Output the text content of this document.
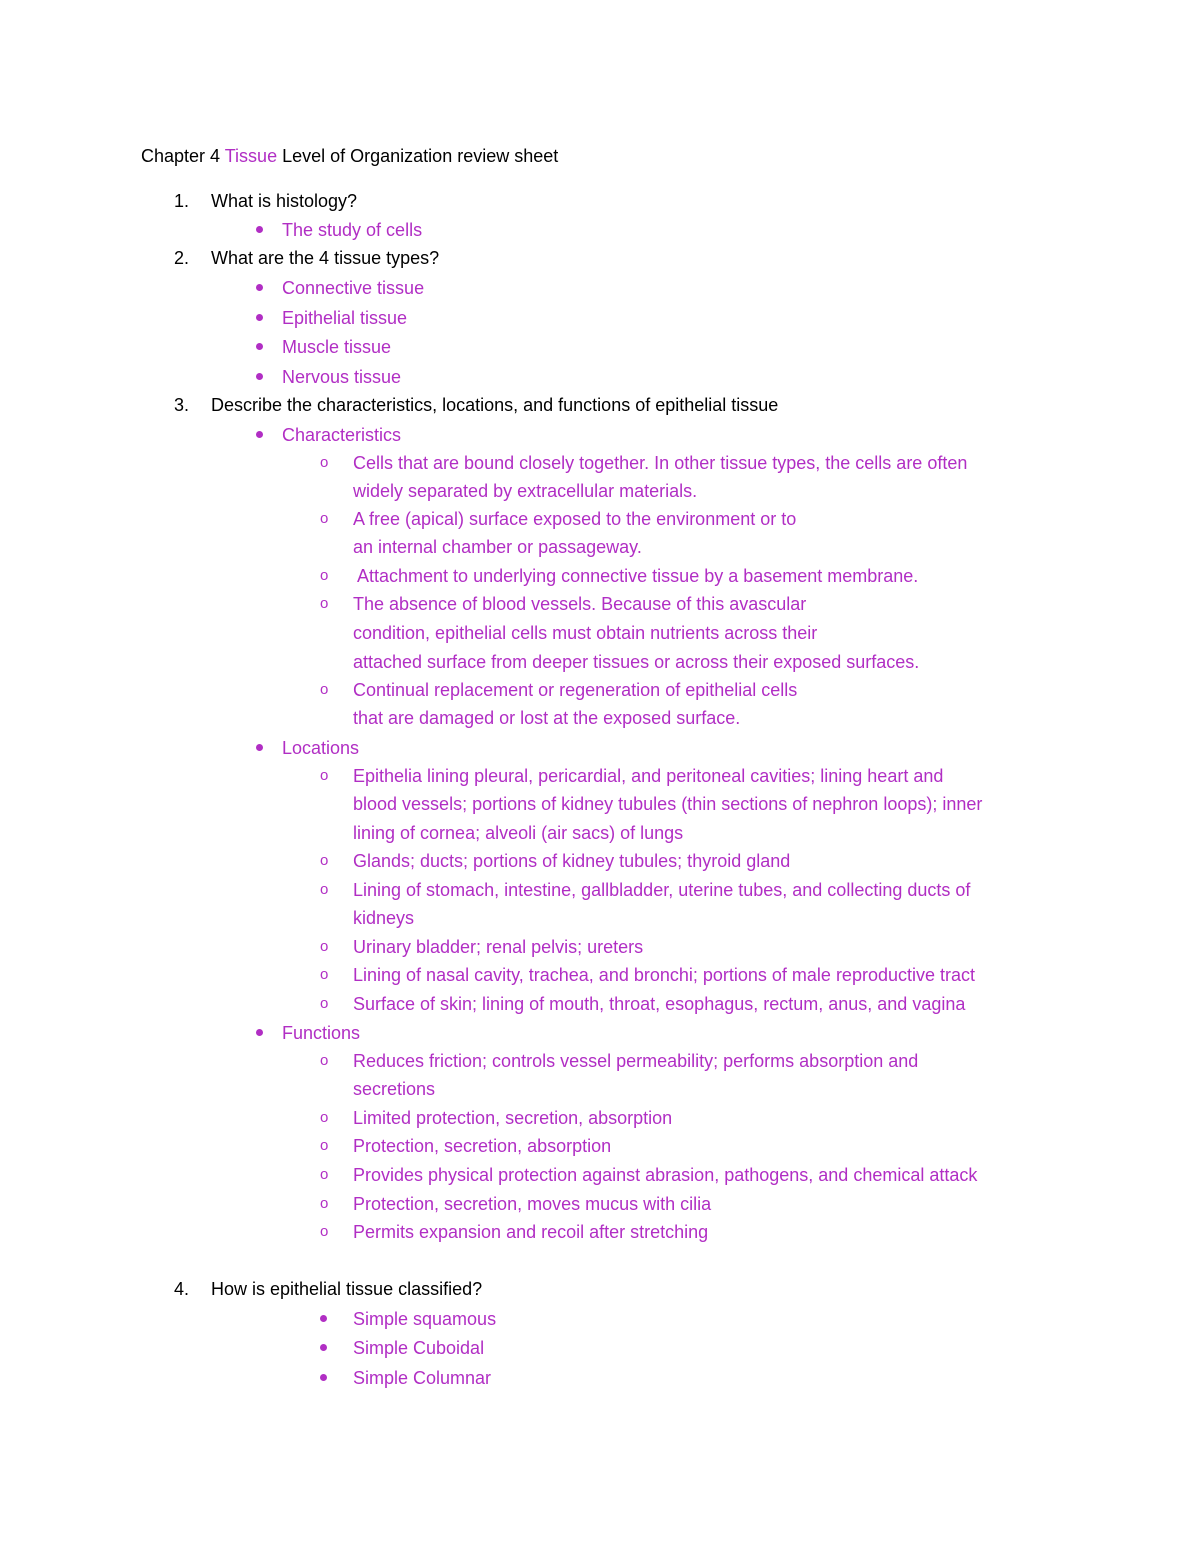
Chapter 4 Tissue Level of Organization review sheet
1. What is histology?
The study of cells
2. What are the 4 tissue types?
Connective tissue
Epithelial tissue
Muscle tissue
Nervous tissue
3. Describe the characteristics, locations, and functions of epithelial tissue
Characteristics
o Cells that are bound closely together. In other tissue types, the cells are often
widely separated by extracellular materials.
o A free (apical) surface exposed to the environment or to
an internal chamber or passageway.
o Attachment to underlying connective tissue by a basement membrane.
o The absence of blood vessels. Because of this avascular
condition, epithelial cells must obtain nutrients across their
attached surface from deeper tissues or across their exposed surfaces.
o Continual replacement or regeneration of epithelial cells
that are damaged or lost at the exposed surface.
Locations
o Epithelia lining pleural, pericardial, and peritoneal cavities; lining heart and
blood vessels; portions of kidney tubules (thin sections of nephron loops); inner
lining of cornea; alveoli (air sacs) of lungs
o Glands; ducts; portions of kidney tubules; thyroid gland
o Lining of stomach, intestine, gallbladder, uterine tubes, and collecting ducts of
kidneys
o Urinary bladder; renal pelvis; ureters
o Lining of nasal cavity, trachea, and bronchi; portions of male reproductive tract
o Surface of skin; lining of mouth, throat, esophagus, rectum, anus, and vagina
Functions
o Reduces friction; controls vessel permeability; performs absorption and
secretions
o Limited protection, secretion, absorption
o Protection, secretion, absorption
o Provides physical protection against abrasion, pathogens, and chemical attack
o Protection, secretion, moves mucus with cilia
o Permits expansion and recoil after stretching
4. How is epithelial tissue classified?
Simple squamous
Simple Cuboidal
Simple Columnar
